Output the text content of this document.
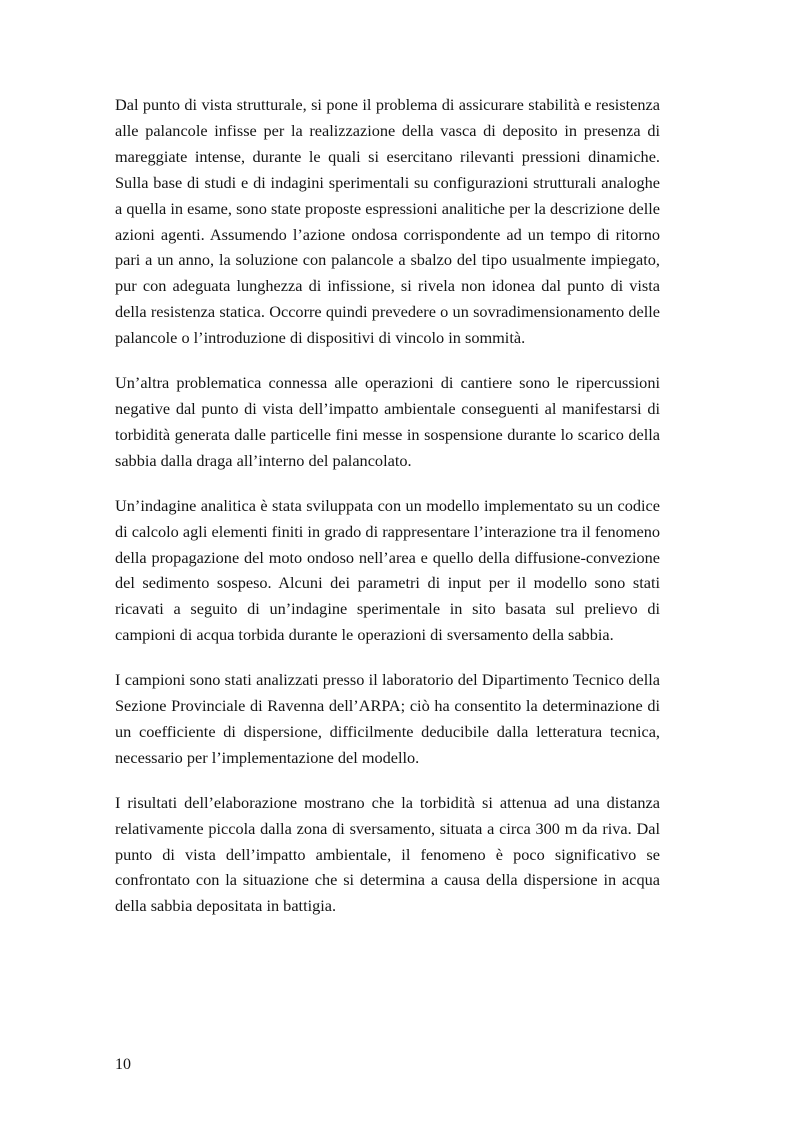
Dal punto di vista strutturale, si pone il problema di assicurare stabilità e resistenza alle palancole infisse per la realizzazione della vasca di deposito in presenza di mareggiate intense, durante le quali si esercitano rilevanti pressioni dinamiche. Sulla base di studi e di indagini sperimentali su configurazioni strutturali analoghe a quella in esame, sono state proposte espressioni analitiche per la descrizione delle azioni agenti. Assumendo l’azione ondosa corrispondente ad un tempo di ritorno pari a un anno, la soluzione con palancole a sbalzo del tipo usualmente impiegato, pur con adeguata lunghezza di infissione, si rivela non idonea dal punto di vista della resistenza statica. Occorre quindi prevedere o un sovradimensionamento delle palancole o l’introduzione di dispositivi di vincolo in sommità.

Un’altra problematica connessa alle operazioni di cantiere sono le ripercussioni negative dal punto di vista dell’impatto ambientale conseguenti al manifestarsi di torbidità generata dalle particelle fini messe in sospensione durante lo scarico della sabbia dalla draga all’interno del palancolato.

Un’indagine analitica è stata sviluppata con un modello implementato su un codice di calcolo agli elementi finiti in grado di rappresentare l’interazione tra il fenomeno della propagazione del moto ondoso nell’area e quello della diffusione-convezione del sedimento sospeso. Alcuni dei parametri di input per il modello sono stati ricavati a seguito di un’indagine sperimentale in sito basata sul prelievo di campioni di acqua torbida durante le operazioni di sversamento della sabbia.

I campioni sono stati analizzati presso il laboratorio del Dipartimento Tecnico della Sezione Provinciale di Ravenna dell’ARPA; ciò ha consentito la determinazione di un coefficiente di dispersione, difficilmente deducibile dalla letteratura tecnica, necessario per l’implementazione del modello.

I risultati dell’elaborazione mostrano che la torbidità si attenua ad una distanza relativamente piccola dalla zona di sversamento, situata a circa 300 m da riva. Dal punto di vista dell’impatto ambientale, il fenomeno è poco significativo se confrontato con la situazione che si determina a causa della dispersione in acqua della sabbia depositata in battigia.

10
